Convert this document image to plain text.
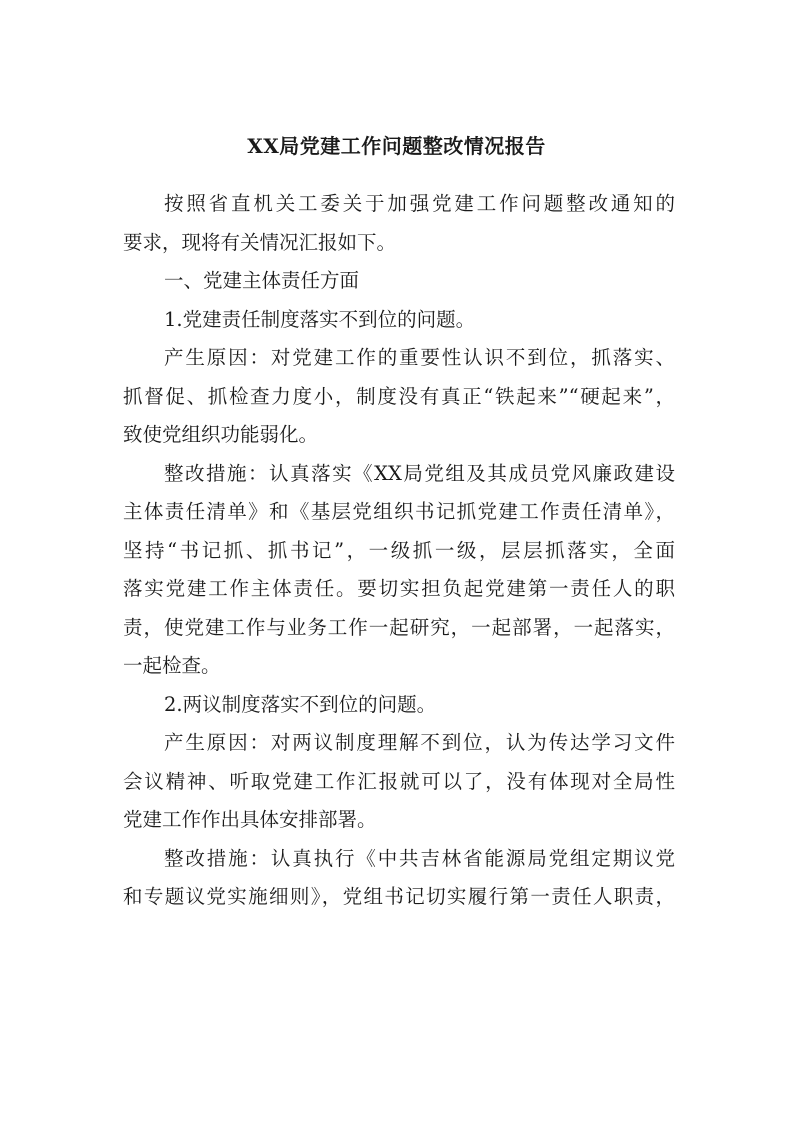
XX局党建工作问题整改情况报告
按照省直机关工委关于加强党建工作问题整改通知的
要求，现将有关情况汇报如下。
一、党建主体责任方面
1.党建责任制度落实不到位的问题。
产生原因：对党建工作的重要性认识不到位，抓落实、
抓督促、抓检查力度小，制度没有真正“铁起来”“硬起来”，
致使党组织功能弱化。
整改措施：认真落实《XX局党组及其成员党风廉政建设
主体责任清单》和《基层党组织书记抓党建工作责任清单》，
坚持“书记抓、抓书记”，一级抓一级，层层抓落实，全面
落实党建工作主体责任。要切实担负起党建第一责任人的职
责，使党建工作与业务工作一起研究，一起部署，一起落实，
一起检查。
2.两议制度落实不到位的问题。
产生原因：对两议制度理解不到位，认为传达学习文件
会议精神、听取党建工作汇报就可以了，没有体现对全局性
党建工作作出具体安排部署。
整改措施：认真执行《中共吉林省能源局党组定期议党
和专题议党实施细则》，党组书记切实履行第一责任人职责，
